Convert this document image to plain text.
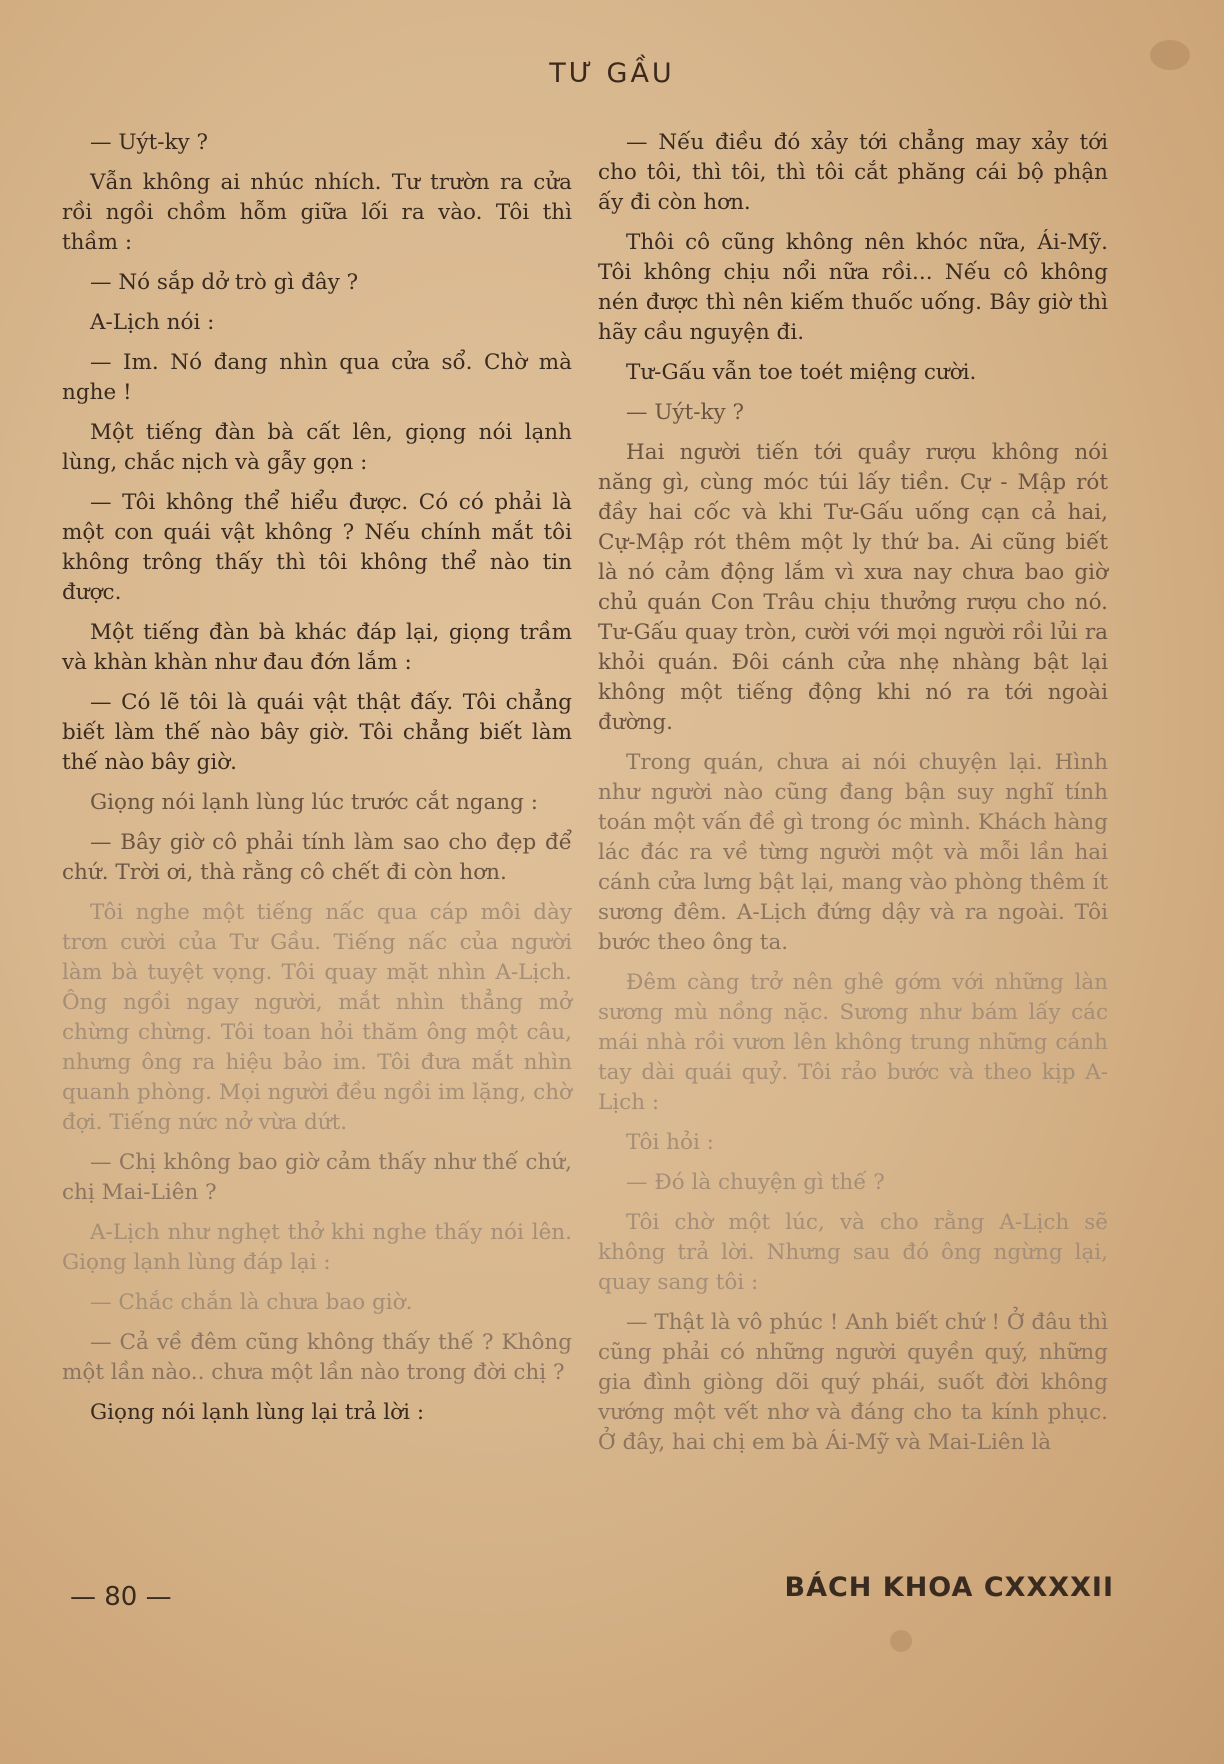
TƯ GẦU

— Uýt-ky ?

Vẫn không ai nhúc nhích. Tư trườn ra cửa rồi ngồi chồm hỗm giữa lối ra vào. Tôi thì thầm :

— Nó sắp dở trò gì đây ?

A-Lịch nói :

— Im. Nó đang nhìn qua cửa sổ. Chờ mà nghe !

Một tiếng đàn bà cất lên, giọng nói lạnh lùng, chắc nịch và gẫy gọn :

— Tôi không thể hiểu được. Có có phải là một con quái vật không ? Nếu chính mắt tôi không trông thấy thì tôi không thể nào tin được.

Một tiếng đàn bà khác đáp lại, giọng trầm và khàn khàn như đau đớn lắm :

— Có lẽ tôi là quái vật thật đấy. Tôi chẳng biết làm thế nào bây giờ. Tôi chẳng biết làm thế nào bây giờ.

Giọng nói lạnh lùng lúc trước cắt ngang :

— Bây giờ cô phải tính làm sao cho đẹp để chứ. Trời ơi, thà rằng cô chết đi còn hơn.

Tôi nghe một tiếng nấc qua cáp môi dày trơn cười của Tư Gầu. Tiếng nấc của người làm bà tuyệt vọng. Tôi quay mặt nhìn A-Lịch. Ông ngồi ngay người, mắt nhìn thẳng mở chừng chừng. Tôi toan hỏi thăm ông một câu, nhưng ông ra hiệu bảo im. Tôi đưa mắt nhìn quanh phòng. Mọi người đều ngồi im lặng, chờ đợi. Tiếng nức nở vừa dứt.

— Chị không bao giờ cảm thấy như thế chứ, chị Mai-Liên ?

A-Lịch như nghẹt thở khi nghe thấy nói lên. Giọng lạnh lùng đáp lại :

— Chắc chắn là chưa bao giờ.

— Cả về đêm cũng không thấy thế ? Không một lần nào.. chưa một lần nào trong đời chị ?

Giọng nói lạnh lùng lại trả lời :

— Nếu điều đó xảy tới chẳng may xảy tới cho tôi, thì tôi, thì tôi cắt phăng cái bộ phận ấy đi còn hơn.

Thôi cô cũng không nên khóc nữa, Ái-Mỹ. Tôi không chịu nổi nữa rồi... Nếu cô không nén được thì nên kiếm thuốc uống. Bây giờ thì hãy cầu nguyện đi.

Tư-Gấu vẫn toe toét miệng cười.

— Uýt-ky ?

Hai người tiến tới quầy rượu không nói năng gì, cùng móc túi lấy tiền. Cự - Mập rót đầy hai cốc và khi Tư-Gấu uống cạn cả hai, Cự-Mập rót thêm một ly thứ ba. Ai cũng biết là nó cảm động lắm vì xưa nay chưa bao giờ chủ quán Con Trâu chịu thưởng rượu cho nó. Tư-Gấu quay tròn, cười với mọi người rồi lủi ra khỏi quán. Đôi cánh cửa nhẹ nhàng bật lại không một tiếng động khi nó ra tới ngoài đường.

Trong quán, chưa ai nói chuyện lại. Hình như người nào cũng đang bận suy nghĩ tính toán một vấn đề gì trong óc mình. Khách hàng lác đác ra về từng người một và mỗi lần hai cánh cửa lưng bật lại, mang vào phòng thêm ít sương đêm. A-Lịch đứng dậy và ra ngoài. Tôi bước theo ông ta.

Đêm càng trở nên ghê gớm với những làn sương mù nồng nặc. Sương như bám lấy các mái nhà rồi vươn lên không trung những cánh tay dài quái quỷ. Tôi rảo bước và theo kịp A-Lịch :

Tôi hỏi :

— Đó là chuyện gì thế ?

Tôi chờ một lúc, và cho rằng A-Lịch sẽ không trả lời. Nhưng sau đó ông ngừng lại, quay sang tôi :

— Thật là vô phúc ! Anh biết chứ ! Ở đâu thì cũng phải có những người quyền quý, những gia đình giòng dõi quý phái, suốt đời không vướng một vết nhơ và đáng cho ta kính phục. Ở đây, hai chị em bà Ái-Mỹ và Mai-Liên là

— 80 —	BÁCH KHOA CXXXXII
